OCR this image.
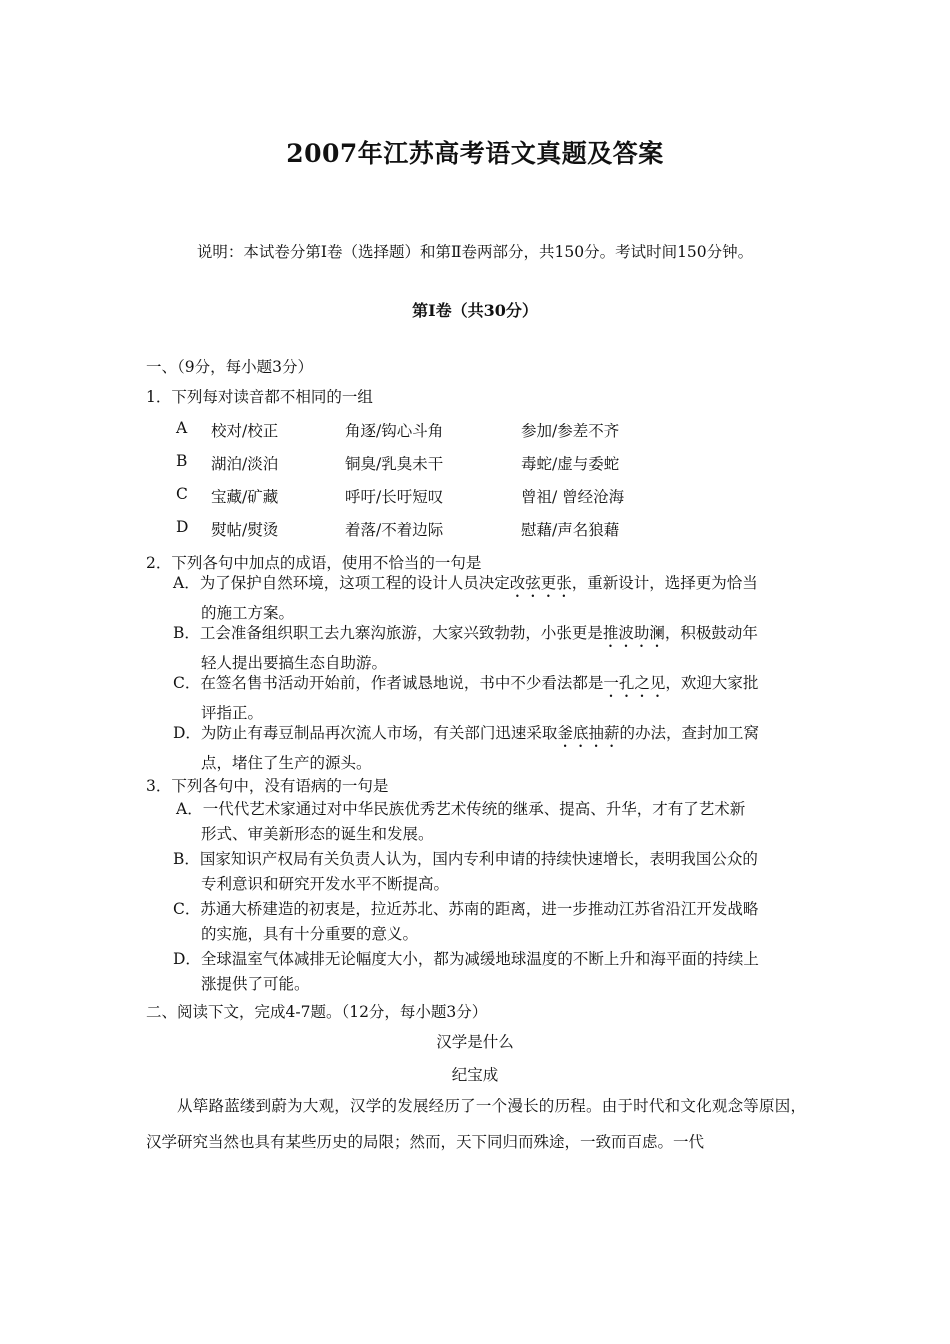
2007年江苏高考语文真题及答案
说明：本试卷分第Ⅰ卷（选择题）和第Ⅱ卷两部分，共150分。考试时间150分钟。
第Ⅰ卷（共30分）
一、（9分，每小题3分）
1．下列每对读音都不相同的一组
A 校对/校正	角逐/钩心斗角	参加/参差不齐
B 湖泊/淡泊	铜臭/乳臭未干	毒蛇/虚与委蛇
C 宝藏/矿藏	呼吁/长吁短叹	曾祖/ 曾经沧海
D 熨帖/熨烫	着落/不着边际	慰藉/声名狼藉
2．下列各句中加点的成语，使用不恰当的一句是
A．为了保护自然环境，这项工程的设计人员决定改弦更张，重新设计，选择更为恰当
的施工方案。
B．工会准备组织职工去九寨沟旅游，大家兴致勃勃，小张更是推波助澜，积极鼓动年
轻人提出要搞生态自助游。
C．在签名售书活动开始前，作者诚恳地说，书中不少看法都是一孔之见，欢迎大家批
评指正。
D．为防止有毒豆制品再次流人市场，有关部门迅速采取釜底抽薪的办法，查封加工窝
点，堵住了生产的源头。
3．下列各句中，没有语病的一句是
A．一代代艺术家通过对中华民族优秀艺术传统的继承、提高、升华，才有了艺术新
形式、审美新形态的诞生和发展。
B．国家知识产权局有关负责人认为，国内专利申请的持续快速增长，表明我国公众的
专利意识和研究开发水平不断提高。
C．苏通大桥建造的初衷是，拉近苏北、苏南的距离，进一步推动江苏省沿江开发战略
的实施，具有十分重要的意义。
D．全球温室气体减排无论幅度大小，都为减缓地球温度的不断上升和海平面的持续上
涨提供了可能。
二、阅读下文，完成4-7题。（12分，每小题3分）
汉学是什么
纪宝成
从筚路蓝缕到蔚为大观，汉学的发展经历了一个漫长的历程。由于时代和文化观念等原因，汉学研究当然也具有某些历史的局限；然而，天下同归而殊途，一致而百虑。一代
